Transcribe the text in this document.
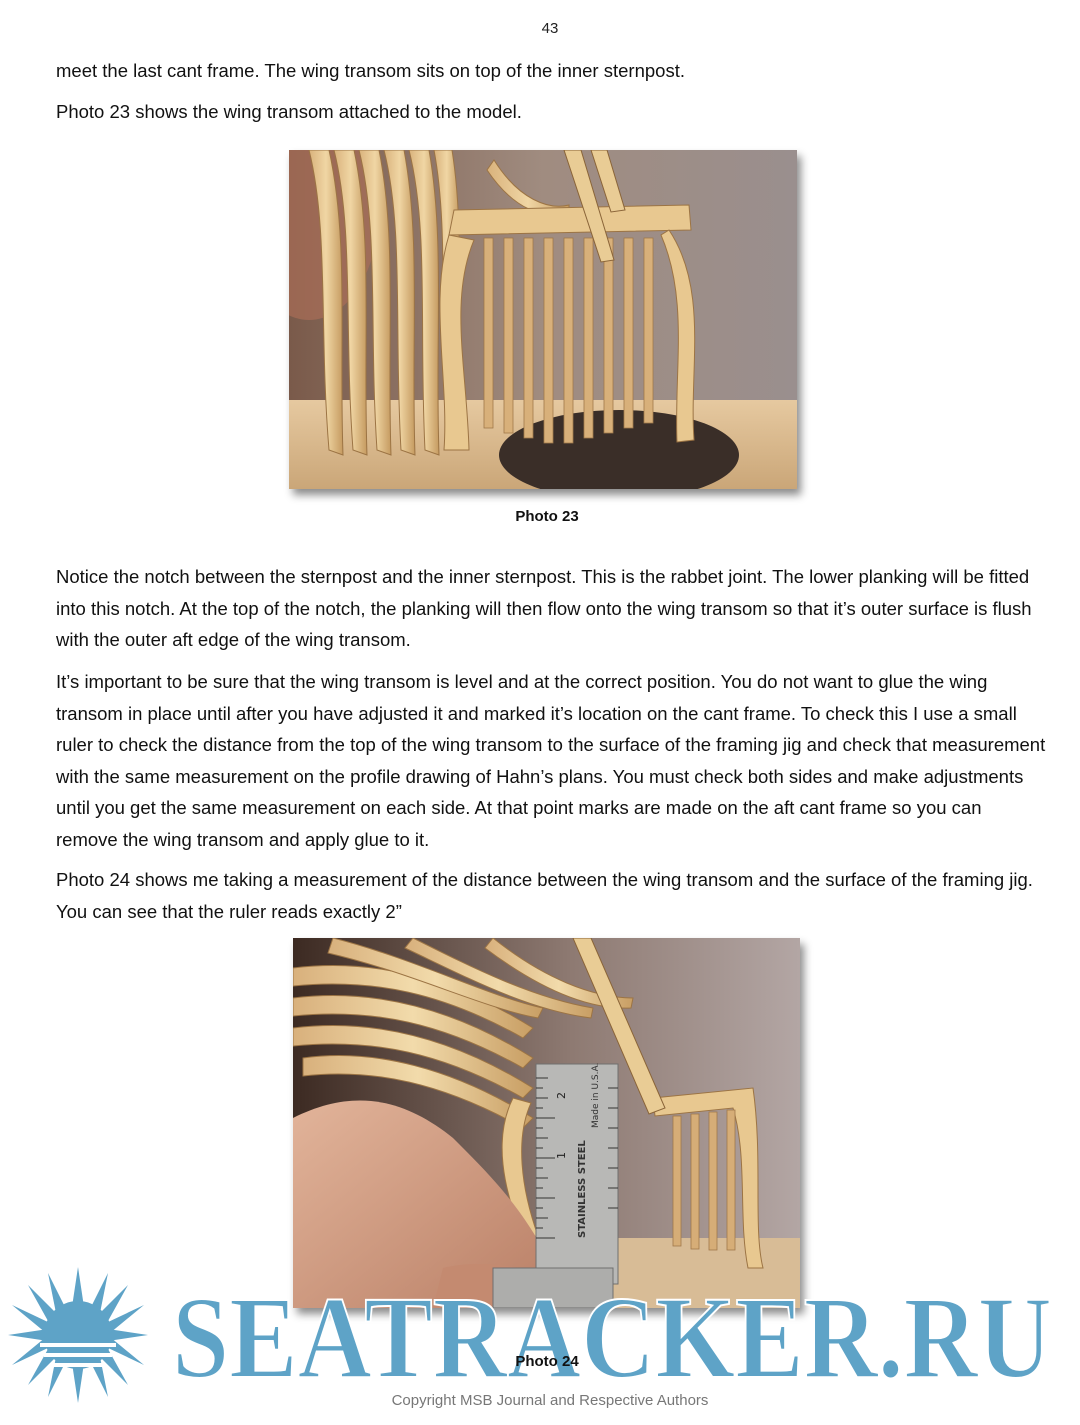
43

meet the last cant frame. The wing transom sits on top of the inner sternpost.

Photo 23 shows the wing transom attached to the model.

Photo 23

Notice the notch between the sternpost and the inner sternpost. This is the rabbet joint. The lower planking will be fitted into this notch. At the top of the notch, the planking will then flow onto the wing transom so that it’s outer surface is flush with the outer aft edge of the wing transom.

It’s important to be sure that the wing transom is level and at the correct position. You do not want to glue the wing transom in place until after you have adjusted it and marked it’s location on the cant frame. To check this I use a small ruler to check the distance from the top of the wing transom to the surface of the framing jig and check that measurement with the same measurement on the profile drawing of Hahn’s plans. You must check both sides and make adjustments until you get the same measurement on each side. At that point marks are made on the aft cant frame so you can remove the wing transom and apply glue to it.

Photo 24 shows me taking a measurement of the distance between the wing transom and the surface of the framing jig. You can see that the ruler reads exactly 2”

STAINLESS STEEL
Made in U.S.A.
1
2
SEATRACKER.RU
Photo 24
Copyright MSB Journal and Respective Authors
